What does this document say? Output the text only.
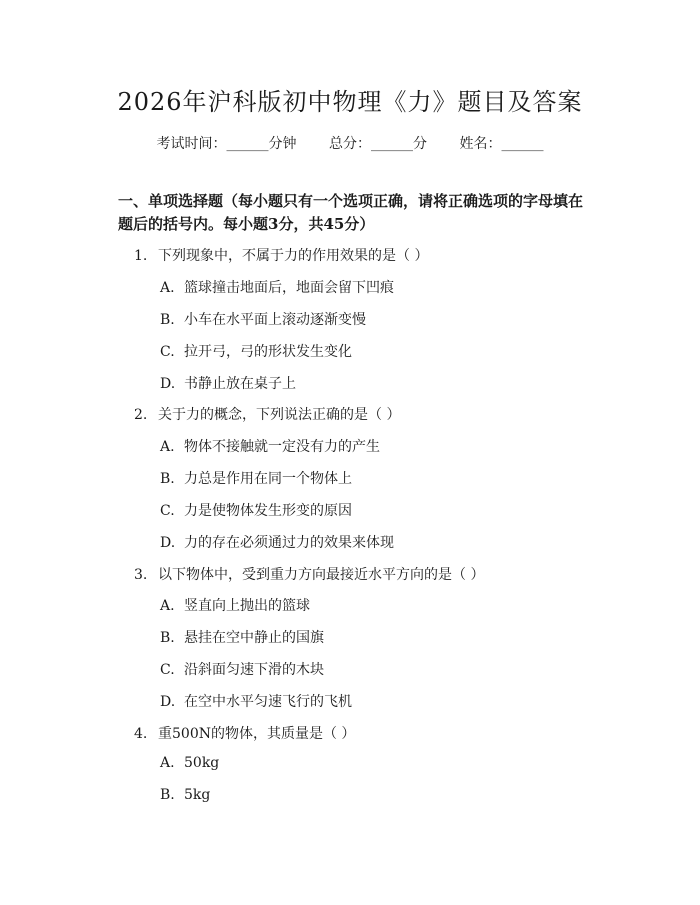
2026年沪科版初中物理《力》题目及答案
考试时间：______分钟 总分：______分 姓名：______
一、单项选择题（每小题只有一个选项正确，请将正确选项的字母填在题后的括号内。每小题3分，共45分）
1. 下列现象中，不属于力的作用效果的是（ ）
A. 篮球撞击地面后，地面会留下凹痕
B. 小车在水平面上滚动逐渐变慢
C. 拉开弓，弓的形状发生变化
D. 书静止放在桌子上
2. 关于力的概念，下列说法正确的是（ ）
A. 物体不接触就一定没有力的产生
B. 力总是作用在同一个物体上
C. 力是使物体发生形变的原因
D. 力的存在必须通过力的效果来体现
3. 以下物体中，受到重力方向最接近水平方向的是（ ）
A. 竖直向上抛出的篮球
B. 悬挂在空中静止的国旗
C. 沿斜面匀速下滑的木块
D. 在空中水平匀速飞行的飞机
4. 重500N的物体，其质量是（ ）
A. 50kg
B. 5kg
